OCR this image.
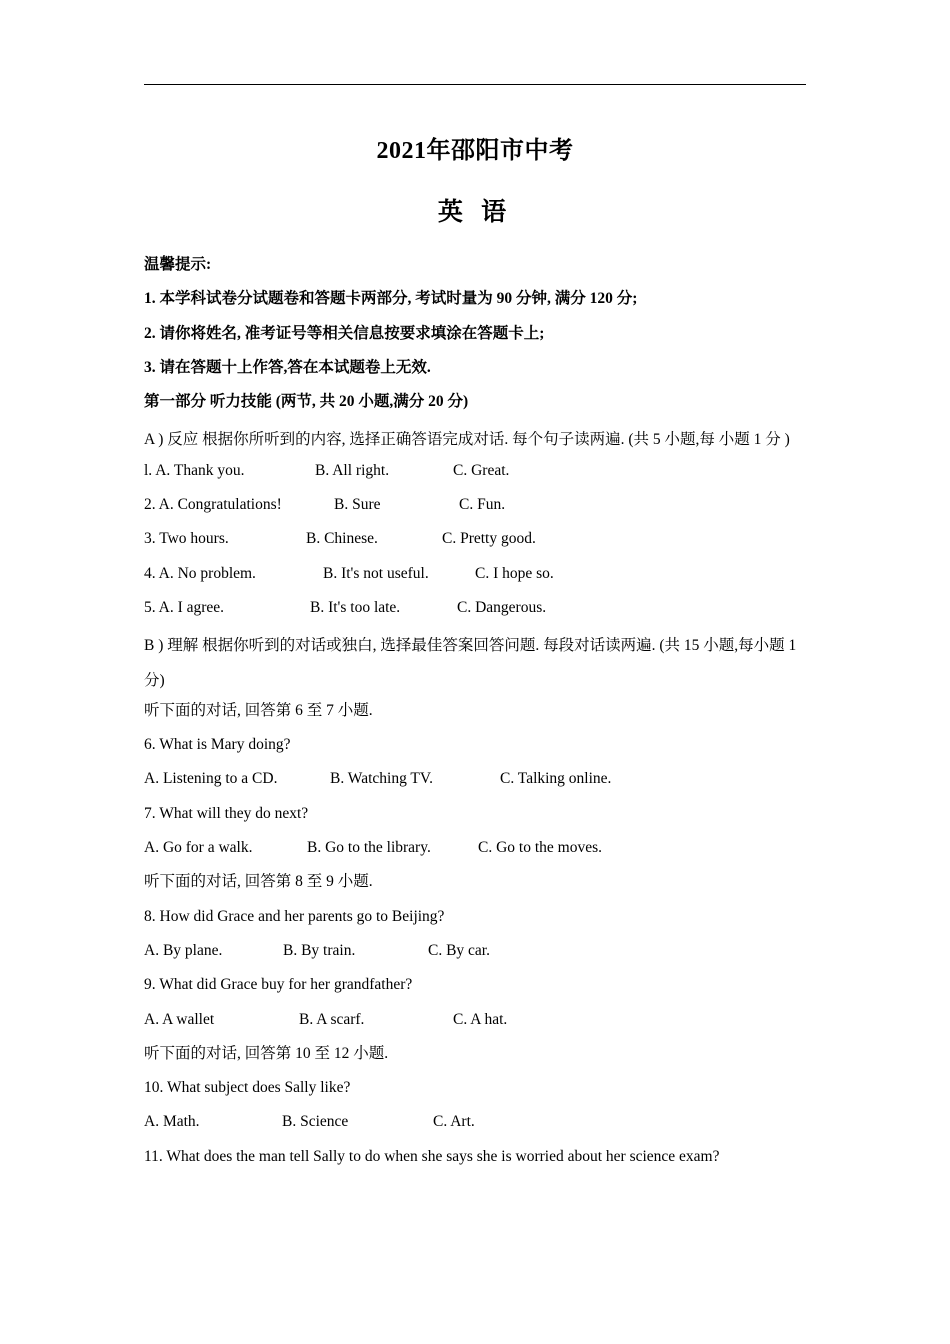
2021年邵阳市中考
英 语
温馨提示:
1. 本学科试卷分试题卷和答题卡两部分, 考试时量为 90 分钟, 满分 120 分;
2. 请你将姓名, 准考证号等相关信息按要求填涂在答题卡上;
3. 请在答题十上作答,答在本试题卷上无效.
第一部分 听力技能 (两节, 共 20 小题,满分 20 分)
A ) 反应 根据你所听到的内容, 选择正确答语完成对话. 每个句子读两遍. (共 5 小题,每 小题 1 分 )
l. A. Thank you.	B. All right.	C. Great.
2. A. Congratulations!	B. Sure	C. Fun.
3. Two hours.	B. Chinese.	C. Pretty good.
4. A. No problem.	B. It's not useful.	C. I hope so.
5. A. I agree.	B. It's too late.	C. Dangerous.
B ) 理解 根据你听到的对话或独白, 选择最佳答案回答问题. 每段对话读两遍. (共 15 小题,每小题 1 分)
听下面的对话, 回答第 6 至 7 小题.
6. What is Mary doing?
A. Listening to a CD.	B. Watching TV.	C. Talking online.
7. What will they do next?
A. Go for a walk.	B. Go to the library.	C. Go to the moves.
听下面的对话, 回答第 8 至 9 小题.
8. How did Grace and her parents go to Beijing?
A. By plane.	B. By train.	C. By car.
9. What did Grace buy for her grandfather?
A. A wallet	B. A scarf.	C. A hat.
听下面的对话, 回答第 10 至 12 小题.
10. What subject does Sally like?
A. Math.	B. Science	C. Art.
11. What does the man tell Sally to do when she says she is worried about her science exam?
